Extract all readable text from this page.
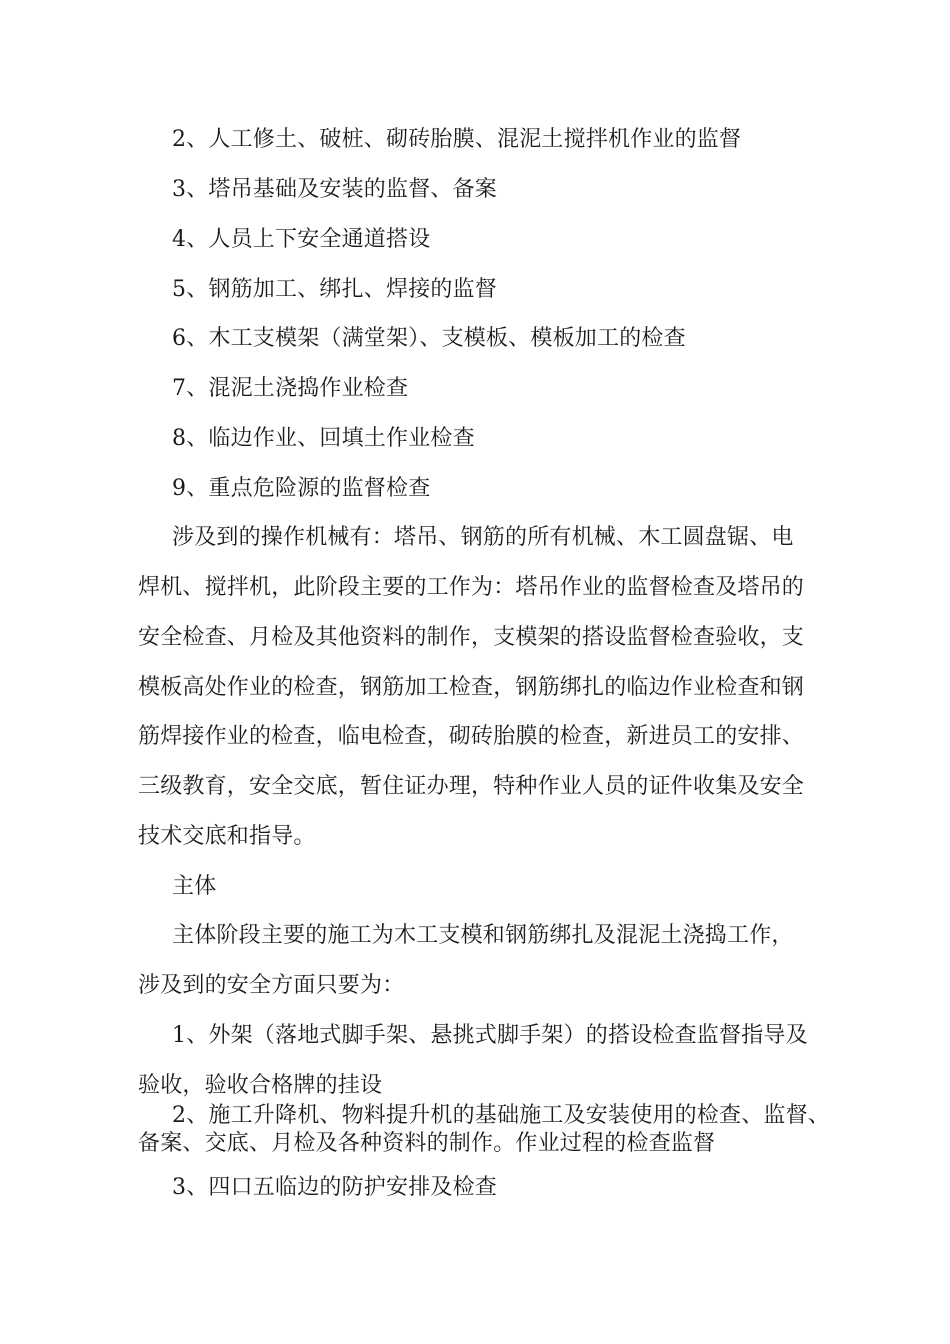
2、人工修土、破桩、砌砖胎膜、混泥土搅拌机作业的监督
3、塔吊基础及安装的监督、备案
4、人员上下安全通道搭设
5、钢筋加工、绑扎、焊接的监督
6、木工支模架（满堂架）、支模板、模板加工的检查
7、混泥土浇捣作业检查
8、临边作业、回填土作业检查
9、重点危险源的监督检查
涉及到的操作机械有：塔吊、钢筋的所有机械、木工圆盘锯、电
焊机、搅拌机，此阶段主要的工作为：塔吊作业的监督检查及塔吊的
安全检查、月检及其他资料的制作，支模架的搭设监督检查验收，支
模板高处作业的检查，钢筋加工检查，钢筋绑扎的临边作业检查和钢
筋焊接作业的检查，临电检查，砌砖胎膜的检查，新进员工的安排、
三级教育，安全交底，暂住证办理，特种作业人员的证件收集及安全
技术交底和指导。
主体
主体阶段主要的施工为木工支模和钢筋绑扎及混泥土浇捣工作，
涉及到的安全方面只要为：
1、外架（落地式脚手架、悬挑式脚手架）的搭设检查监督指导及
验收，验收合格牌的挂设
2、施工升降机、物料提升机的基础施工及安装使用的检查、监督、
备案、交底、月检及各种资料的制作。作业过程的检查监督
3、四口五临边的防护安排及检查
